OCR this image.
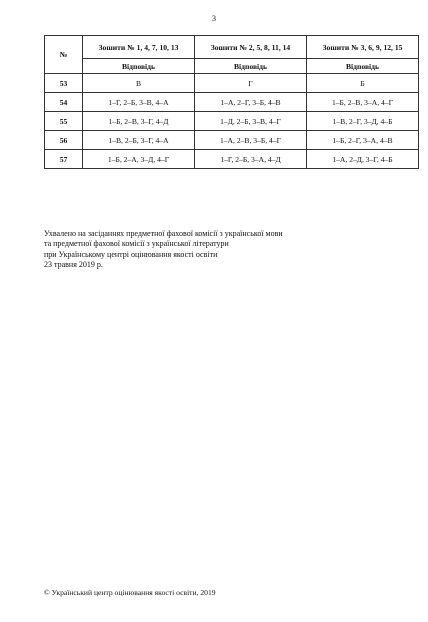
3
№	Зошити № 1, 4, 7, 10, 13	Зошити № 2, 5, 8, 11, 14	Зошити № 3, 6, 9, 12, 15
	Відповідь	Відповідь	Відповідь
53	В	Г	Б
54	1–Г, 2–Б, 3–В, 4–А	1–А, 2–Г, 3–Б, 4–В	1–Б, 2–В, 3–А, 4–Г
55	1–Б, 2–В, 3–Г, 4–Д	1–Д, 2–Б, 3–В, 4–Г	1–В, 2–Г, 3–Д, 4–Б
56	1–В, 2–Б, 3–Г, 4–А	1–А, 2–В, 3–Б, 4–Г	1–Б, 2–Г, 3–А, 4–В
57	1–Б, 2–А, 3–Д, 4–Г	1–Г, 2–Б, 3–А, 4–Д	1–А, 2–Д, 3–Г, 4–Б
Ухвалено на засіданнях предметної фахової комісії з української мови
та предметної фахової комісії з української літератури
при Українському центрі оцінювання якості освіти
23 травня 2019 р.
© Український центр оцінювання якості освіти, 2019
